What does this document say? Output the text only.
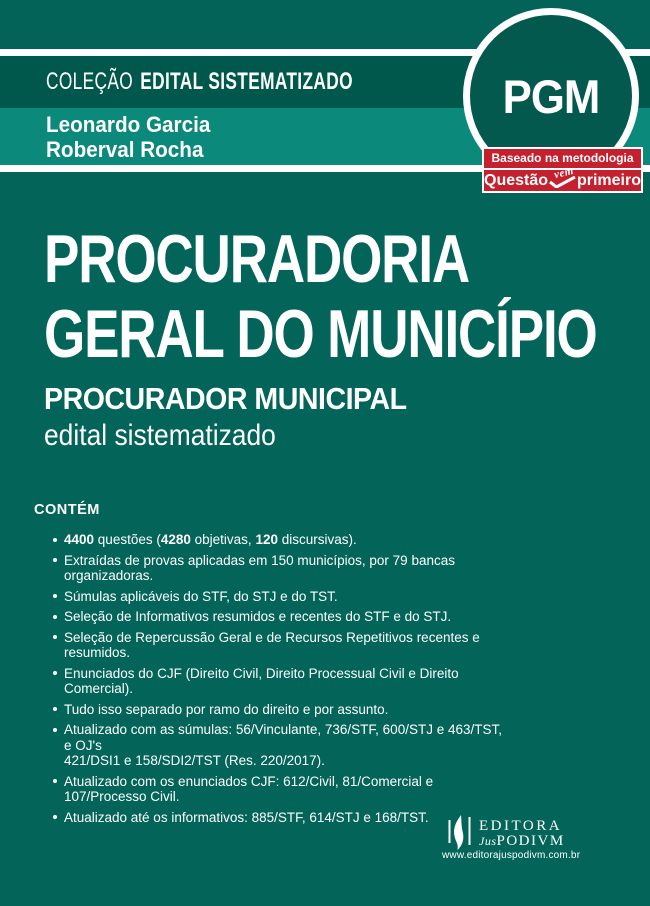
COLEÇÃO EDITAL SISTEMATIZADO
Leonardo Garcia
Roberval Rocha
PGM
Baseado na metodologia
Questão vem primeiro
PROCURADORIA
GERAL DO MUNICÍPIO
PROCURADOR MUNICIPAL
edital sistematizado
CONTÉM
4400 questões (4280 objetivas, 120 discursivas).
Extraídas de provas aplicadas em 150 municípios, por 79 bancas organizadoras.
Súmulas aplicáveis do STF, do STJ e do TST.
Seleção de Informativos resumidos e recentes do STF e do STJ.
Seleção de Repercussão Geral e de Recursos Repetitivos recentes e resumidos.
Enunciados do CJF (Direito Civil, Direito Processual Civil e Direito Comercial).
Tudo isso separado por ramo do direito e por assunto.
Atualizado com as súmulas: 56/Vinculante, 736/STF, 600/STJ e 463/TST, e OJ's
421/DSI1 e 158/SDI2/TST (Res. 220/2017).
Atualizado com os enunciados CJF: 612/Civil, 81/Comercial e 107/Processo Civil.
Atualizado até os informativos: 885/STF, 614/STJ e 168/TST.
EDITORA
JusPODIVM
www.editorajuspodivm.com.br
